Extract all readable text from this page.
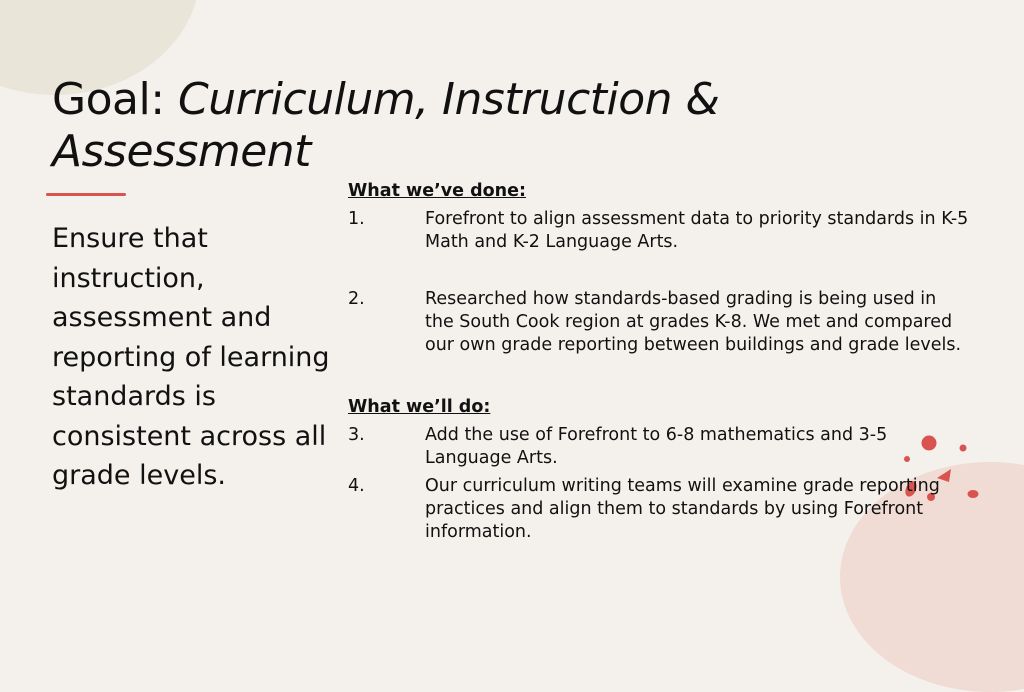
Goal: Curriculum, Instruction & Assessment
Ensure that instruction, assessment and reporting of learning standards is consistent across all grade levels.

What we’ve done:

1.	Forefront to align assessment data to priority standards in K-5 Math and K-2 Language Arts.
2.	Researched how standards-based grading is being used in the South Cook region at grades K-8. We met and compared our own grade reporting between buildings and grade levels.

What we’ll do:

3.	Add the use of Forefront to 6-8 mathematics and 3-5 Language Arts.
4.	Our curriculum writing teams will examine grade reporting practices and align them to standards by using Forefront information.
